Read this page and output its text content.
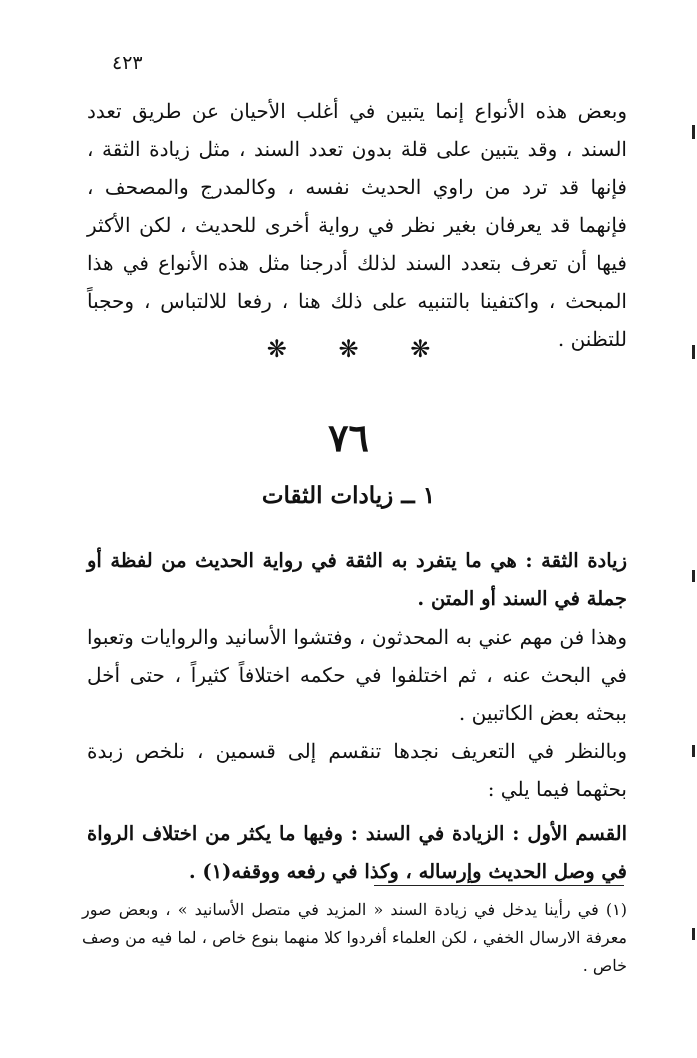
٤٢٣

وبعض هذه الأنواع إنما يتبين في أغلب الأحيان عن طريق تعدد السند ، وقد يتبين على قلة بدون تعدد السند ، مثل زيادة الثقة ، فإنها قد ترد من راوي الحديث نفسه ، وكالمدرج والمصحف ، فإنهما قد يعرفان بغير نظر في رواية أخرى للحديث ، لكن الأكثر فيها أن تعرف بتعدد السند لذلك أدرجنا مثل هذه الأنواع في هذا المبحث ، واكتفينا بالتنبيه على ذلك هنا ، رفعا للالتباس ، وحجباً للتظنن .

❋ ❋ ❋
٧٦
١ ــ زيادات الثقات

زيادة الثقة : هي ما يتفرد به الثقة في رواية الحديث من لفظة أو جملة في السند أو المتن .

وهذا فن مهم عني به المحدثون ، وفتشوا الأسانيد والروايات وتعبوا في البحث عنه ، ثم اختلفوا في حكمه اختلافاً كثيراً ، حتى أخل ببحثه بعض الكاتبين .

وبالنظر في التعريف نجدها تنقسم إلى قسمين ، نلخص زبدة بحثهما فيما يلي :

القسم الأول : الزيادة في السند : وفيها ما يكثر من اختلاف الرواة في وصل الحديث وإرساله ، وكذا في رفعه ووقفه(١) .

(١) في رأينا يدخل في زيادة السند « المزيد في متصل الأسانيد » ، وبعض صور معرفة الارسال الخفي ، لكن العلماء أفردوا كلا منهما بنوع خاص ، لما فيه من وصف خاص .
